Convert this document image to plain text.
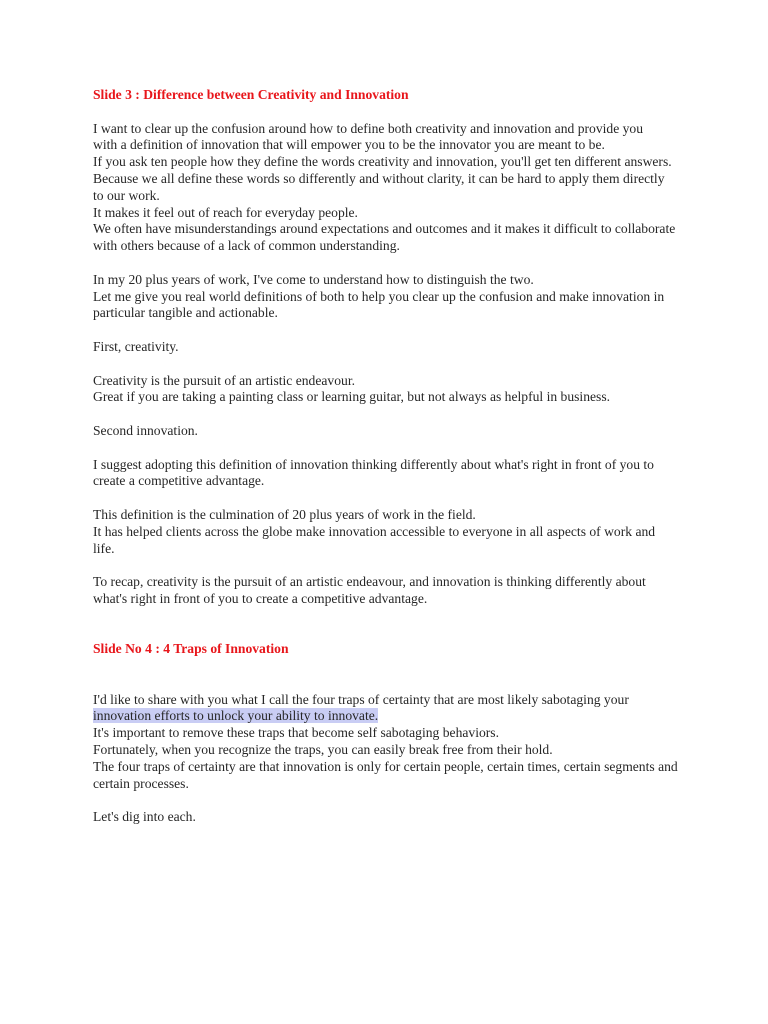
Slide 3 : Difference between Creativity and Innovation

I want to clear up the confusion around how to define both creativity and innovation and provide you
with a definition of innovation that will empower you to be the innovator you are meant to be.
If you ask ten people how they define the words creativity and innovation, you'll get ten different answers.
Because we all define these words so differently and without clarity, it can be hard to apply them directly to our work.
It makes it feel out of reach for everyday people.
We often have misunderstandings around expectations and outcomes and it makes it difficult to collaborate with others because of a lack of common understanding.

In my 20 plus years of work, I've come to understand how to distinguish the two.
Let me give you real world definitions of both to help you clear up the confusion and make innovation in particular tangible and actionable.

First, creativity.

Creativity is the pursuit of an artistic endeavour.
Great if you are taking a painting class or learning guitar, but not always as helpful in business.

Second innovation.

I suggest adopting this definition of innovation thinking differently about what's right in front of you to create a competitive advantage.

This definition is the culmination of 20 plus years of work in the field.
It has helped clients across the globe make innovation accessible to everyone in all aspects of work and life.

To recap, creativity is the pursuit of an artistic endeavour, and innovation is thinking differently about what's right in front of you to create a competitive advantage.

Slide No 4 : 4 Traps of Innovation

I'd like to share with you what I call the four traps of certainty that are most likely sabotaging your innovation efforts to unlock your ability to innovate.
It's important to remove these traps that become self sabotaging behaviors.
Fortunately, when you recognize the traps, you can easily break free from their hold.
The four traps of certainty are that innovation is only for certain people, certain times, certain segments and certain processes.

Let's dig into each.
